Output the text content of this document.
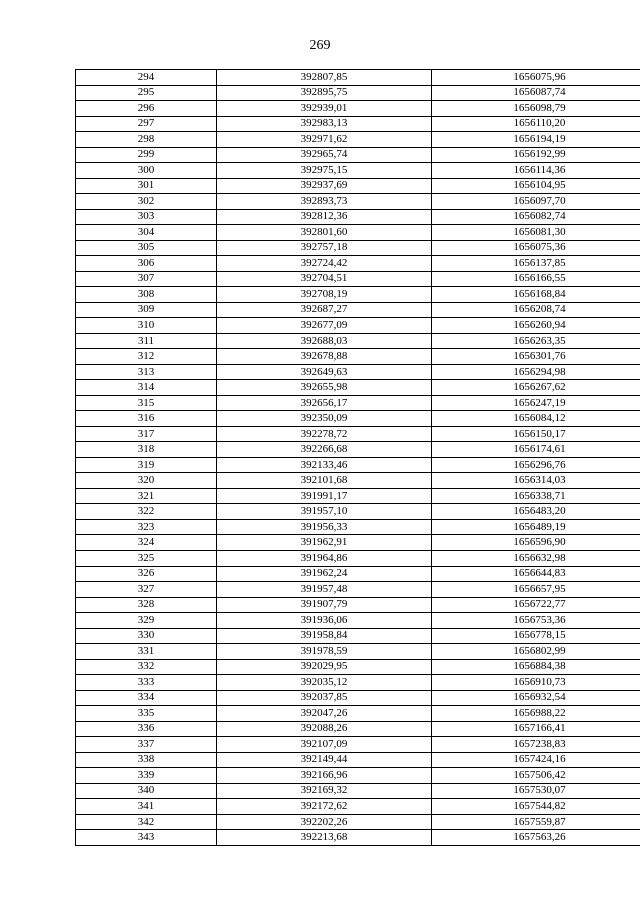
269
294	392807,85	1656075,96
295	392895,75	1656087,74
296	392939,01	1656098,79
297	392983,13	1656110,20
298	392971,62	1656194,19
299	392965,74	1656192,99
300	392975,15	1656114,36
301	392937,69	1656104,95
302	392893,73	1656097,70
303	392812,36	1656082,74
304	392801,60	1656081,30
305	392757,18	1656075,36
306	392724,42	1656137,85
307	392704,51	1656166,55
308	392708,19	1656168,84
309	392687,27	1656208,74
310	392677,09	1656260,94
311	392688,03	1656263,35
312	392678,88	1656301,76
313	392649,63	1656294,98
314	392655,98	1656267,62
315	392656,17	1656247,19
316	392350,09	1656084,12
317	392278,72	1656150,17
318	392266,68	1656174,61
319	392133,46	1656296,76
320	392101,68	1656314,03
321	391991,17	1656338,71
322	391957,10	1656483,20
323	391956,33	1656489,19
324	391962,91	1656596,90
325	391964,86	1656632,98
326	391962,24	1656644,83
327	391957,48	1656657,95
328	391907,79	1656722,77
329	391936,06	1656753,36
330	391958,84	1656778,15
331	391978,59	1656802,99
332	392029,95	1656884,38
333	392035,12	1656910,73
334	392037,85	1656932,54
335	392047,26	1656988,22
336	392088,26	1657166,41
337	392107,09	1657238,83
338	392149,44	1657424,16
339	392166,96	1657506,42
340	392169,32	1657530,07
341	392172,62	1657544,82
342	392202,26	1657559,87
343	392213,68	1657563,26
